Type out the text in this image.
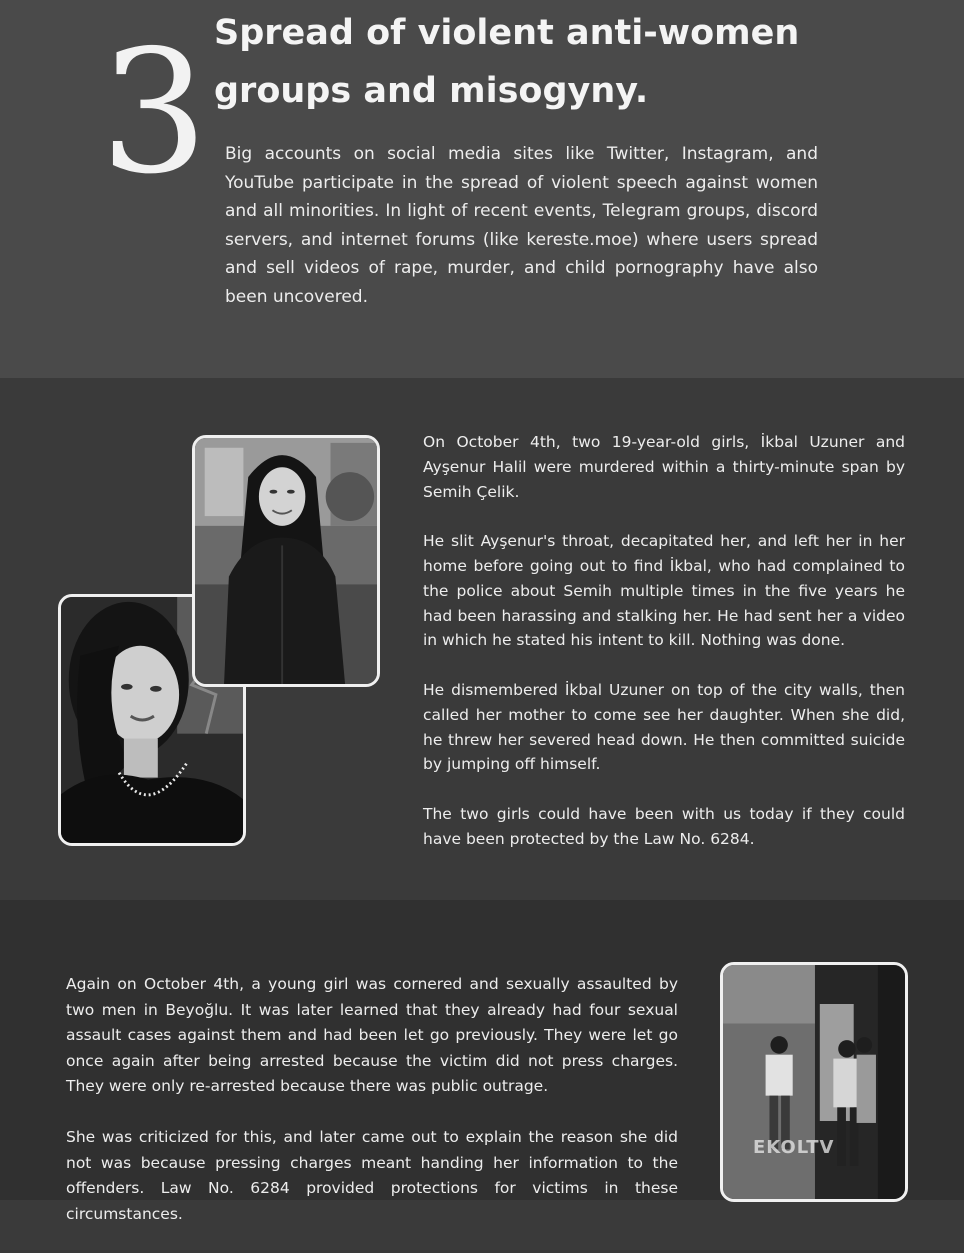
3 Spread of violent anti-women groups and misogyny.

Big accounts on social media sites like Twitter, Instagram, and YouTube participate in the spread of violent speech against women and all minorities. In light of recent events, Telegram groups, discord servers, and internet forums (like kereste.moe) where users spread and sell videos of rape, murder, and child pornography have also been uncovered.

On October 4th, two 19-year-old girls, İkbal Uzuner and Ayşenur Halil were murdered within a thirty-minute span by Semih Çelik.

He slit Ayşenur's throat, decapitated her, and left her in her home before going out to find İkbal, who had complained to the police about Semih multiple times in the five years he had been harassing and stalking her. He had sent her a video in which he stated his intent to kill. Nothing was done.

He dismembered İkbal Uzuner on top of the city walls, then called her mother to come see her daughter. When she did, he threw her severed head down. He then committed suicide by jumping off himself.

The two girls could have been with us today if they could have been protected by the Law No. 6284.

Again on October 4th, a young girl was cornered and sexually assaulted by two men in Beyoğlu. It was later learned that they already had four sexual assault cases against them and had been let go previously. They were let go once again after being arrested because the victim did not press charges. They were only re-arrested because there was public outrage.

She was criticized for this, and later came out to explain the reason she did not was because pressing charges meant handing her information to the offenders. Law No. 6284 provided protections for victims in these circumstances.

EKOLTV
